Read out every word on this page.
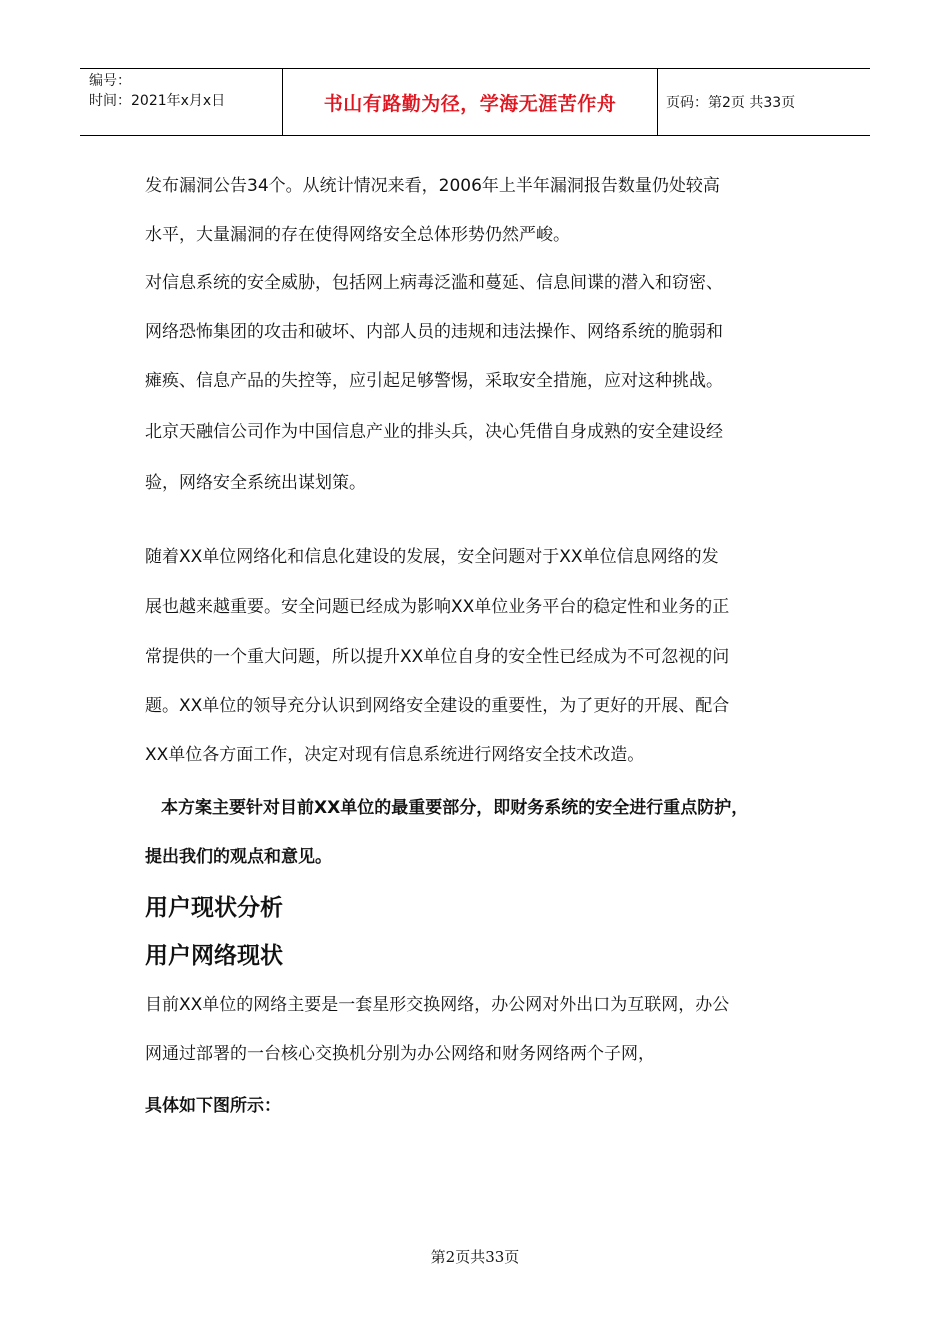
编号：
时间：2021年x月x日	书山有路勤为径，学海无涯苦作舟	页码：第2页 共33页
发布漏洞公告34个。从统计情况来看，2006年上半年漏洞报告数量仍处较高
水平，大量漏洞的存在使得网络安全总体形势仍然严峻。
对信息系统的安全威胁，包括网上病毒泛滥和蔓延、信息间谍的潜入和窃密、
网络恐怖集团的攻击和破坏、内部人员的违规和违法操作、网络系统的脆弱和
瘫痪、信息产品的失控等，应引起足够警惕，采取安全措施，应对这种挑战。
北京天融信公司作为中国信息产业的排头兵，决心凭借自身成熟的安全建设经
验，网络安全系统出谋划策。
随着XX单位网络化和信息化建设的发展，安全问题对于XX单位信息网络的发
展也越来越重要。安全问题已经成为影响XX单位业务平台的稳定性和业务的正
常提供的一个重大问题，所以提升XX单位自身的安全性已经成为不可忽视的问
题。XX单位的领导充分认识到网络安全建设的重要性，为了更好的开展、配合
XX单位各方面工作，决定对现有信息系统进行网络安全技术改造。
本方案主要针对目前XX单位的最重要部分，即财务系统的安全进行重点防护，
提出我们的观点和意见。
用户现状分析
用户网络现状
目前XX单位的网络主要是一套星形交换网络，办公网对外出口为互联网，办公
网通过部署的一台核心交换机分别为办公网络和财务网络两个子网，
具体如下图所示：
第2页共33页
